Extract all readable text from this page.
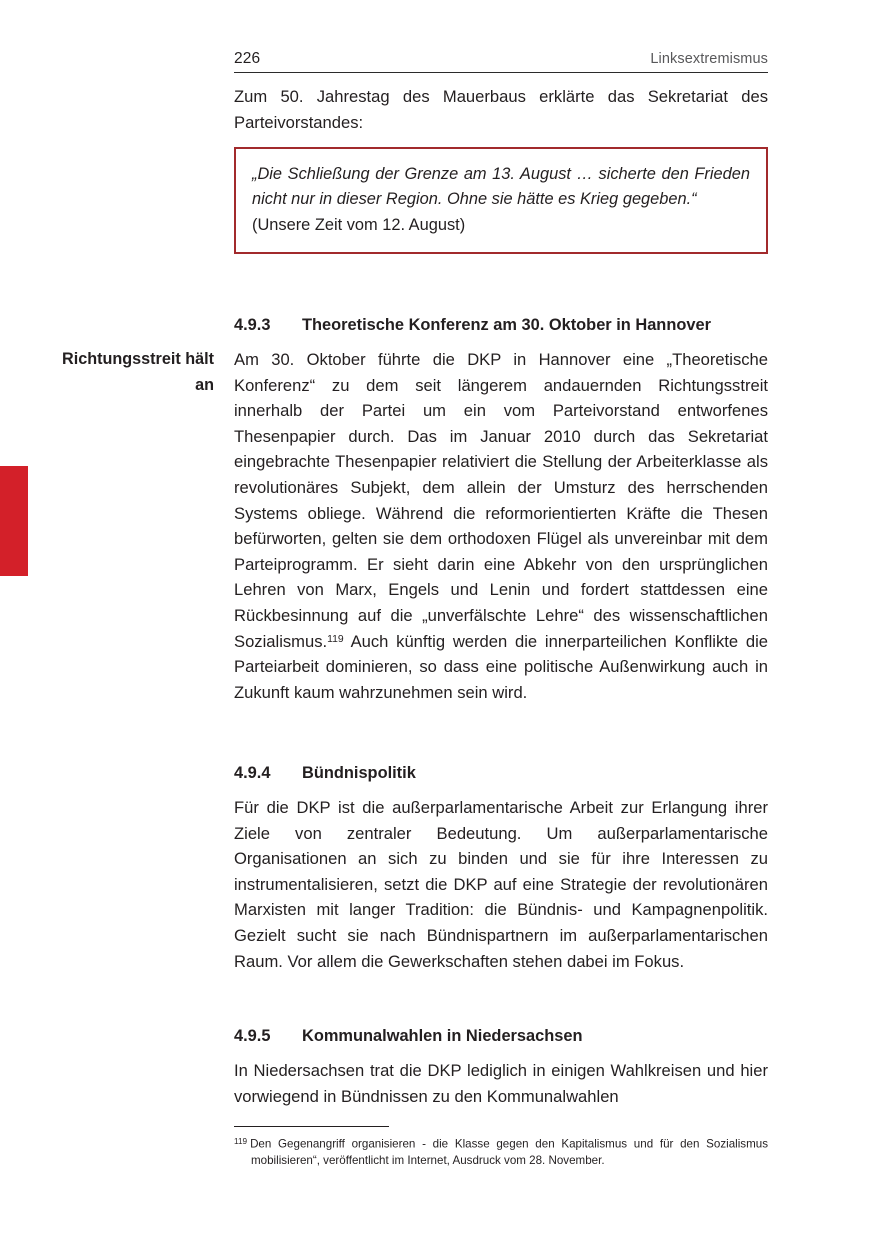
226	Linksextremismus

Zum 50. Jahrestag des Mauerbaus erklärte das Sekretariat des Parteivorstandes:

„Die Schließung der Grenze am 13. August … sicherte den Frieden nicht nur in dieser Region. Ohne sie hätte es Krieg gegeben.“

(Unsere Zeit vom 12. August)

4.9.3	Theoretische Konferenz am 30. Oktober in Hannover
Richtungsstreit hält an

Am 30. Oktober führte die DKP in Hannover eine „Theoretische Konferenz“ zu dem seit längerem andauernden Richtungsstreit innerhalb der Partei um ein vom Parteivorstand entworfenes Thesenpapier durch. Das im Januar 2010 durch das Sekretariat eingebrachte Thesenpapier relativiert die Stellung der Arbeiterklasse als revolutionäres Subjekt, dem allein der Umsturz des herrschenden Systems obliege. Während die reformorientierten Kräfte die Thesen befürworten, gelten sie dem orthodoxen Flügel als unvereinbar mit dem Parteiprogramm. Er sieht darin eine Abkehr von den ursprünglichen Lehren von Marx, Engels und Lenin und fordert stattdessen eine Rückbesinnung auf die „unverfälschte Lehre“ des wissenschaftlichen Sozialismus.$^{119}$ Auch künftig werden die innerparteilichen Konflikte die Parteiarbeit dominieren, so dass eine politische Außenwirkung auch in Zukunft kaum wahrzunehmen sein wird.

4.9.4	Bündnispolitik

Für die DKP ist die außerparlamentarische Arbeit zur Erlangung ihrer Ziele von zentraler Bedeutung. Um außerparlamentarische Organisationen an sich zu binden und sie für ihre Interessen zu instrumentalisieren, setzt die DKP auf eine Strategie der revolutionären Marxisten mit langer Tradition: die Bündnis- und Kampagnenpolitik. Gezielt sucht sie nach Bündnispartnern im außerparlamentarischen Raum. Vor allem die Gewerkschaften stehen dabei im Fokus.

4.9.5	Kommunalwahlen in Niedersachsen

In Niedersachsen trat die DKP lediglich in einigen Wahlkreisen und hier vorwiegend in Bündnissen zu den Kommunalwahlen

$^{119}$ Den Gegenangriff organisieren - die Klasse gegen den Kapitalismus und für den Sozialismus mobilisieren“, veröffentlicht im Internet, Ausdruck vom 28. November.
